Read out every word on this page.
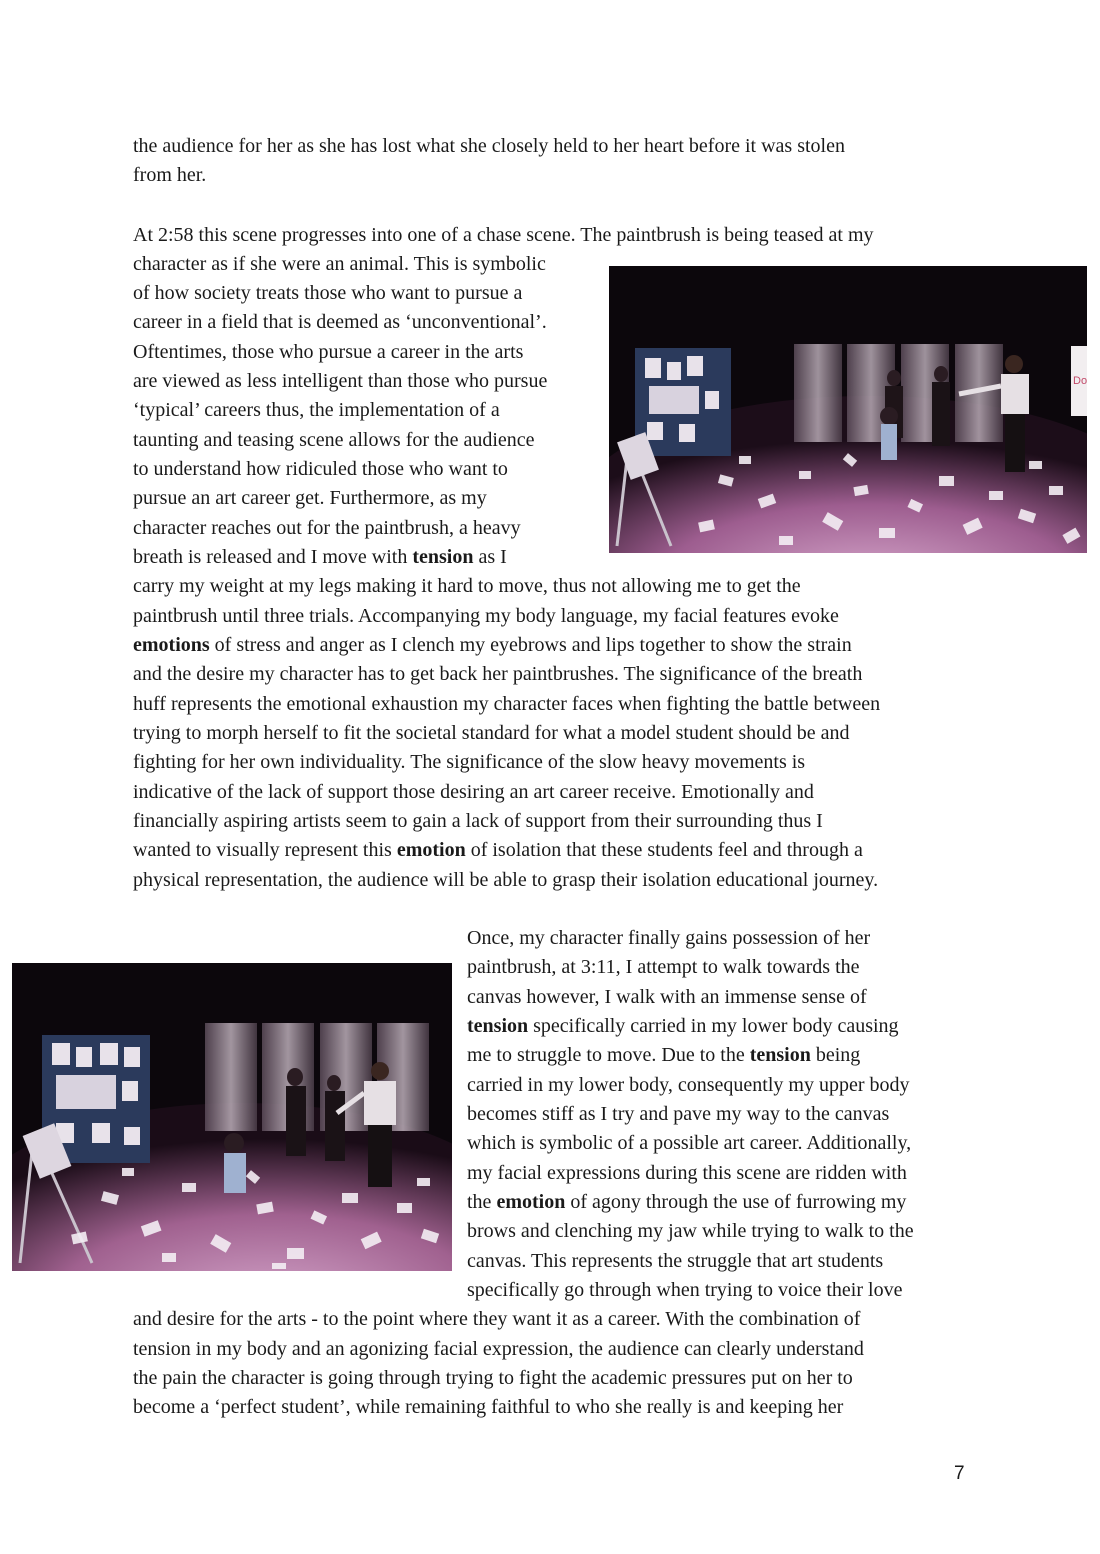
the audience for her as she has lost what she closely held to her heart before it was stolen
from her.
At 2:58 this scene progresses into one of a chase scene. The paintbrush is being teased at my
character as if she were an animal. This is symbolic
of how society treats those who want to pursue a
career in a field that is deemed as ‘unconventional’.
Oftentimes, those who pursue a career in the arts
are viewed as less intelligent than those who pursue
‘typical’ careers thus, the implementation of a
taunting and teasing scene allows for the audience
to understand how ridiculed those who want to
pursue an art career get. Furthermore, as my
character reaches out for the paintbrush, a heavy
breath is released and I move with tension as I
carry my weight at my legs making it hard to move, thus not allowing me to get the
paintbrush until three trials. Accompanying my body language, my facial features evoke
emotions of stress and anger as I clench my eyebrows and lips together to show the strain
and the desire my character has to get back her paintbrushes. The significance of the breath
huff represents the emotional exhaustion my character faces when fighting the battle between
trying to morph herself to fit the societal standard for what a model student should be and
fighting for her own individuality. The significance of the slow heavy movements is
indicative of the lack of support those desiring an art career receive. Emotionally and
financially aspiring artists seem to gain a lack of support from their surrounding thus I
wanted to visually represent this emotion of isolation that these students feel and through a
physical representation, the audience will be able to grasp their isolation educational journey.
Do
Once, my character finally gains possession of her
paintbrush, at 3:11, I attempt to walk towards the
canvas however, I walk with an immense sense of
tension specifically carried in my lower body causing
me to struggle to move. Due to the tension being
carried in my lower body, consequently my upper body
becomes stiff as I try and pave my way to the canvas
which is symbolic of a possible art career. Additionally,
my facial expressions during this scene are ridden with
the emotion of agony through the use of furrowing my
brows and clenching my jaw while trying to walk to the
canvas. This represents the struggle that art students
specifically go through when trying to voice their love
and desire for the arts - to the point where they want it as a career. With the combination of
tension in my body and an agonizing facial expression, the audience can clearly understand
the pain the character is going through trying to fight the academic pressures put on her to
become a ‘perfect student’, while remaining faithful to who she really is and keeping her
7
